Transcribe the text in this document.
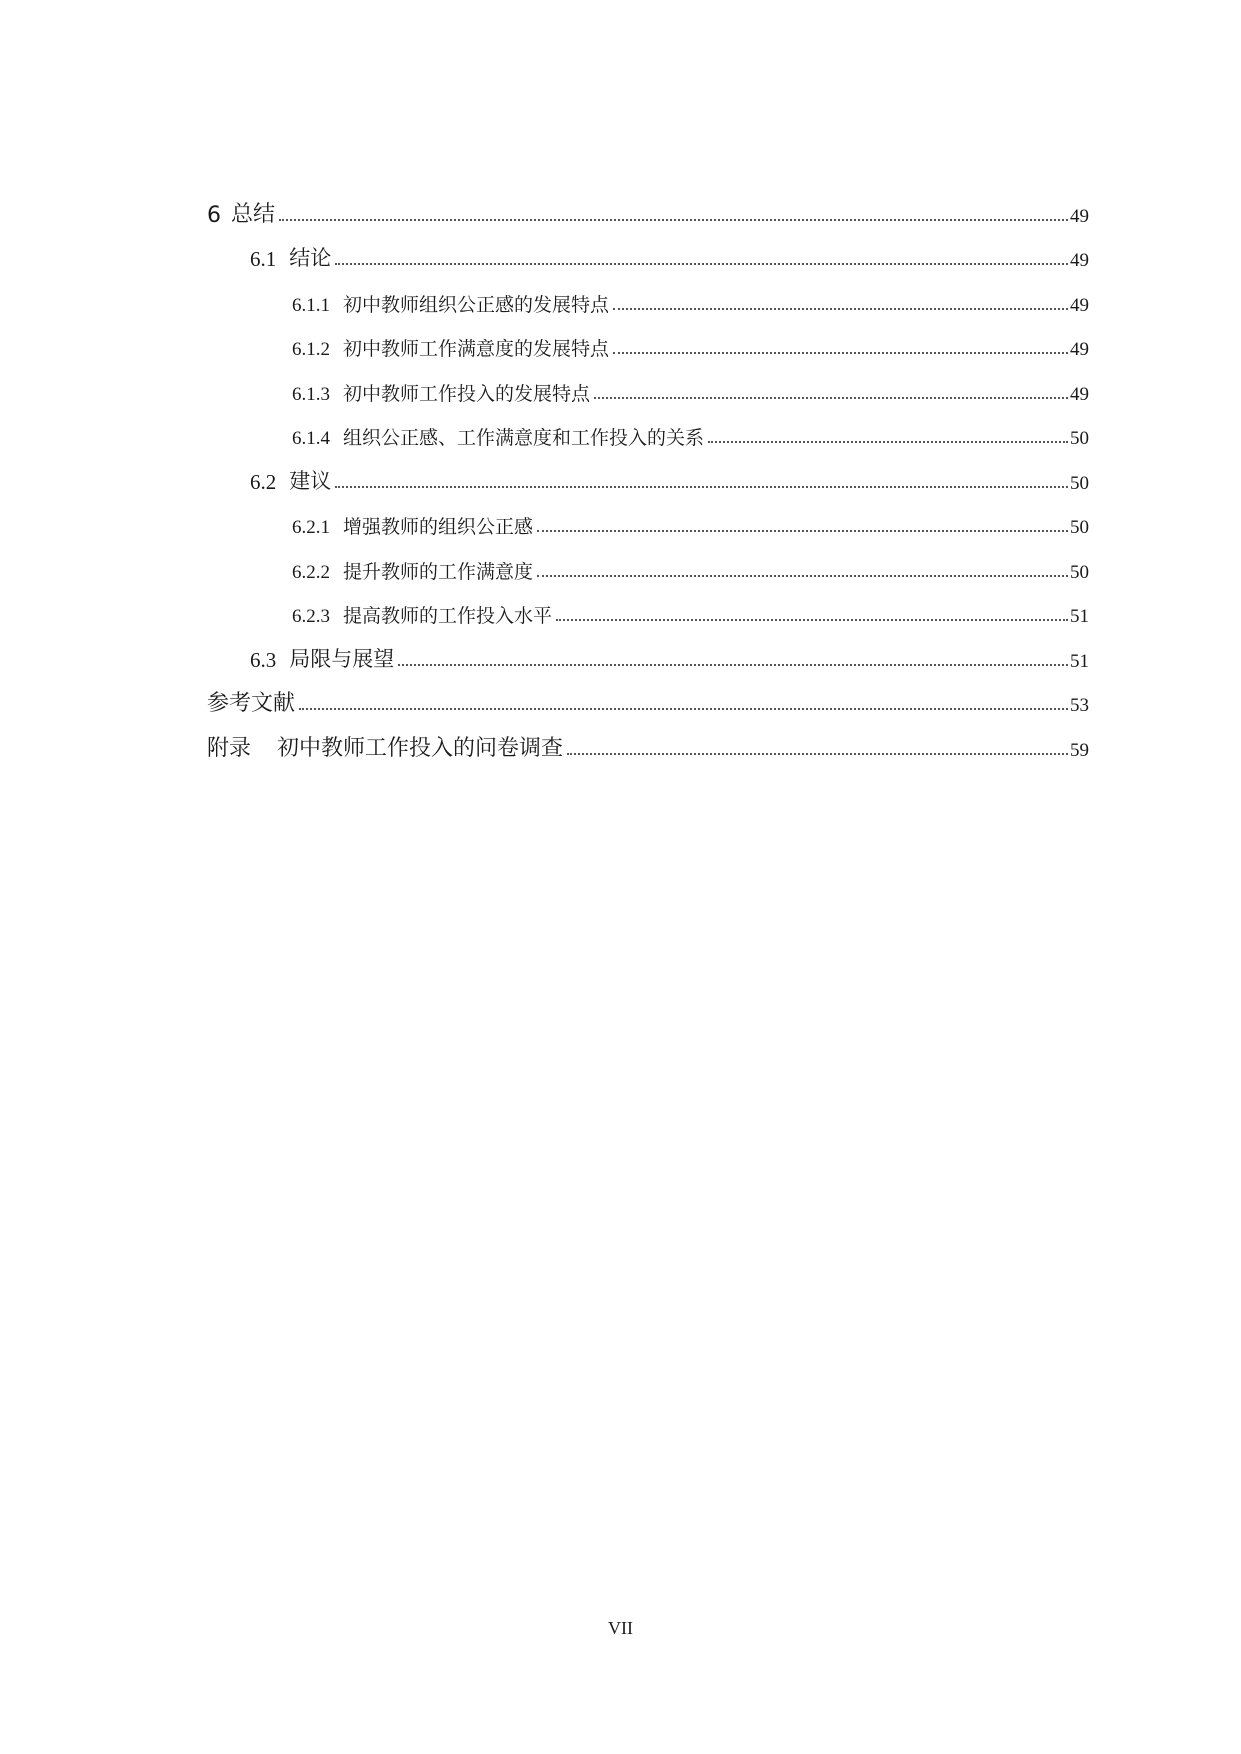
6 总结	49
6.1 结论	49
6.1.1 初中教师组织公正感的发展特点	49
6.1.2 初中教师工作满意度的发展特点	49
6.1.3 初中教师工作投入的发展特点	49
6.1.4 组织公正感、工作满意度和工作投入的关系	50
6.2 建议	50
6.2.1 增强教师的组织公正感	50
6.2.2 提升教师的工作满意度	50
6.2.3 提高教师的工作投入水平	51
6.3 局限与展望	51
参考文献	53
附录 初中教师工作投入的问卷调查	59
VII
